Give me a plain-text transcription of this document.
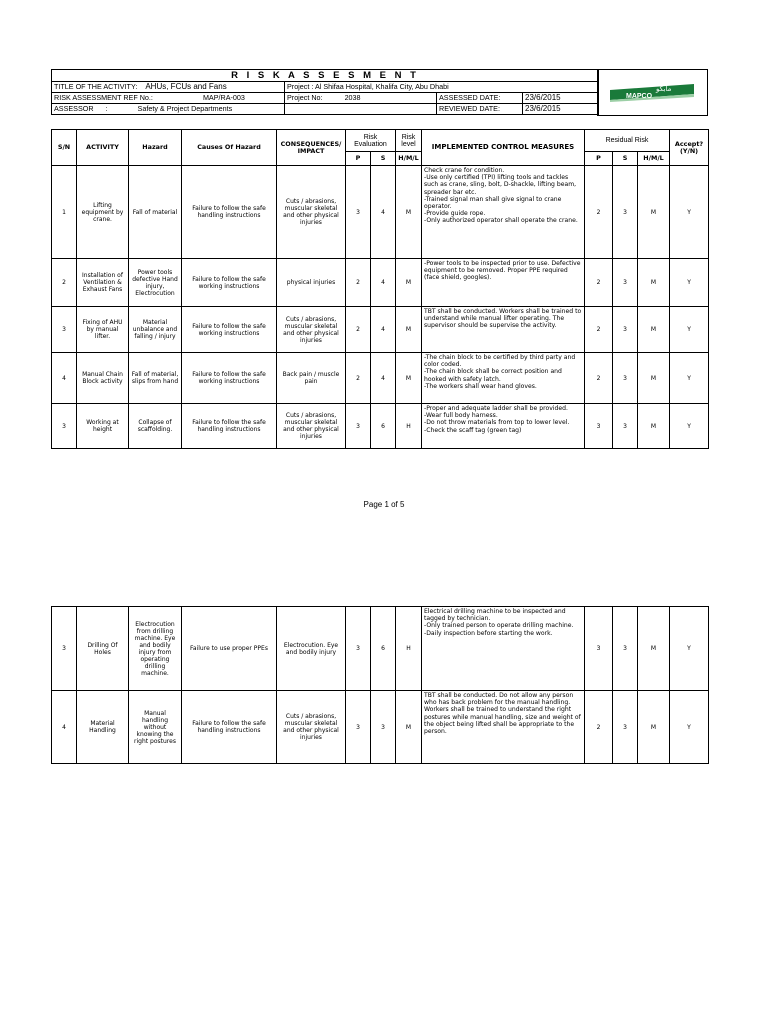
R I S K A S S E S M E N T			
TITLE OF THE ACTIVITY: AHUs, FCUs and Fans	Project : Al Shifaa Hospital, Khalifa City, Abu Dhabi		
RISK ASSESSMENT REF No.: MAP/RA-003	Project No: 2038	ASSESSED DATE:	23/6/2015
ASSESSOR : Safety & Project Departments		REVIEWED DATE:	23/6/2015
MAPCO
مابكو
S/N	ACTIVITY	Hazard	Causes Of Hazard	CONSEQUENCES/ IMPACT	Risk Evaluation		Risk level	IMPLEMENTED CONTROL MEASURES	Residual Risk			Accept? (Y/N)
					P	S	H/M/L		P	S	H/M/L	
1	Lifting equipment by crane.	Fall of material	Failure to follow the safe handling instructions	Cuts / abrasions, muscular skeletal and other physical injuries	3	4	M	Check crane for condition.
-Use only certified (TPI) lifting tools and tackles such as crane, sling, bolt, D-shackle, lifting beam, spreader bar etc.
-Trained signal man shall give signal to crane operator.
-Provide guide rope.
-Only authorized operator shall operate the crane.	2	3	M	Y
2	Installation of Ventilation & Exhaust Fans	Power tools defective Hand injury, Electrocution	Failure to follow the safe working instructions	physical injuries	2	4	M	-Power tools to be inspected prior to use. Defective equipment to be removed. Proper PPE required (face shield, googles).	2	3	M	Y
3	Fixing of AHU by manual lifter.	Material unbalance and falling / injury	Failure to follow the safe working instructions	Cuts / abrasions, muscular skeletal and other physical injuries	2	4	M	TBT shall be conducted. Workers shall be trained to understand while manual lifter operating. The supervisor should be supervise the activity.	2	3	M	Y
4	Manual Chain Block activity	Fall of material, slips from hand	Failure to follow the safe working instructions	Back pain / muscle pain	2	4	M	-The chain block to be certified by third party and color coded.
-The chain block shall be correct position and hooked with safety latch.
-The workers shall wear hand gloves.	2	3	M	Y
3	Working at height	Collapse of scaffolding.	Failure to follow the safe handling instructions	Cuts / abrasions, muscular skeletal and other physical injuries	3	6	H	-Proper and adequate ladder shall be provided.
-Wear full body harness.
-Do not throw materials from top to lower level.
-Check the scaff tag (green tag)	3	3	M	Y
Page 1 of 5
3	Drilling Of Holes	Electrocution from drilling machine. Eye and bodily injury from operating drilling machine.	Failure to use proper PPEs	Electrocution. Eye and bodily injury	3	6	H	Electrical drilling machine to be inspected and tagged by technician.
-Only trained person to operate drilling machine.
-Daily inspection before starting the work.	3	3	M	Y
4	Material Handling	Manual handling without knowing the right postures	Failure to follow the safe handling instructions	Cuts / abrasions, muscular skeletal and other physical injuries	3	3	M	TBT shall be conducted. Do not allow any person who has back problem for the manual handling. Workers shall be trained to understand the right postures while manual handling, size and weight of the object being lifted shall be appropriate to the person.	2	3	M	Y
